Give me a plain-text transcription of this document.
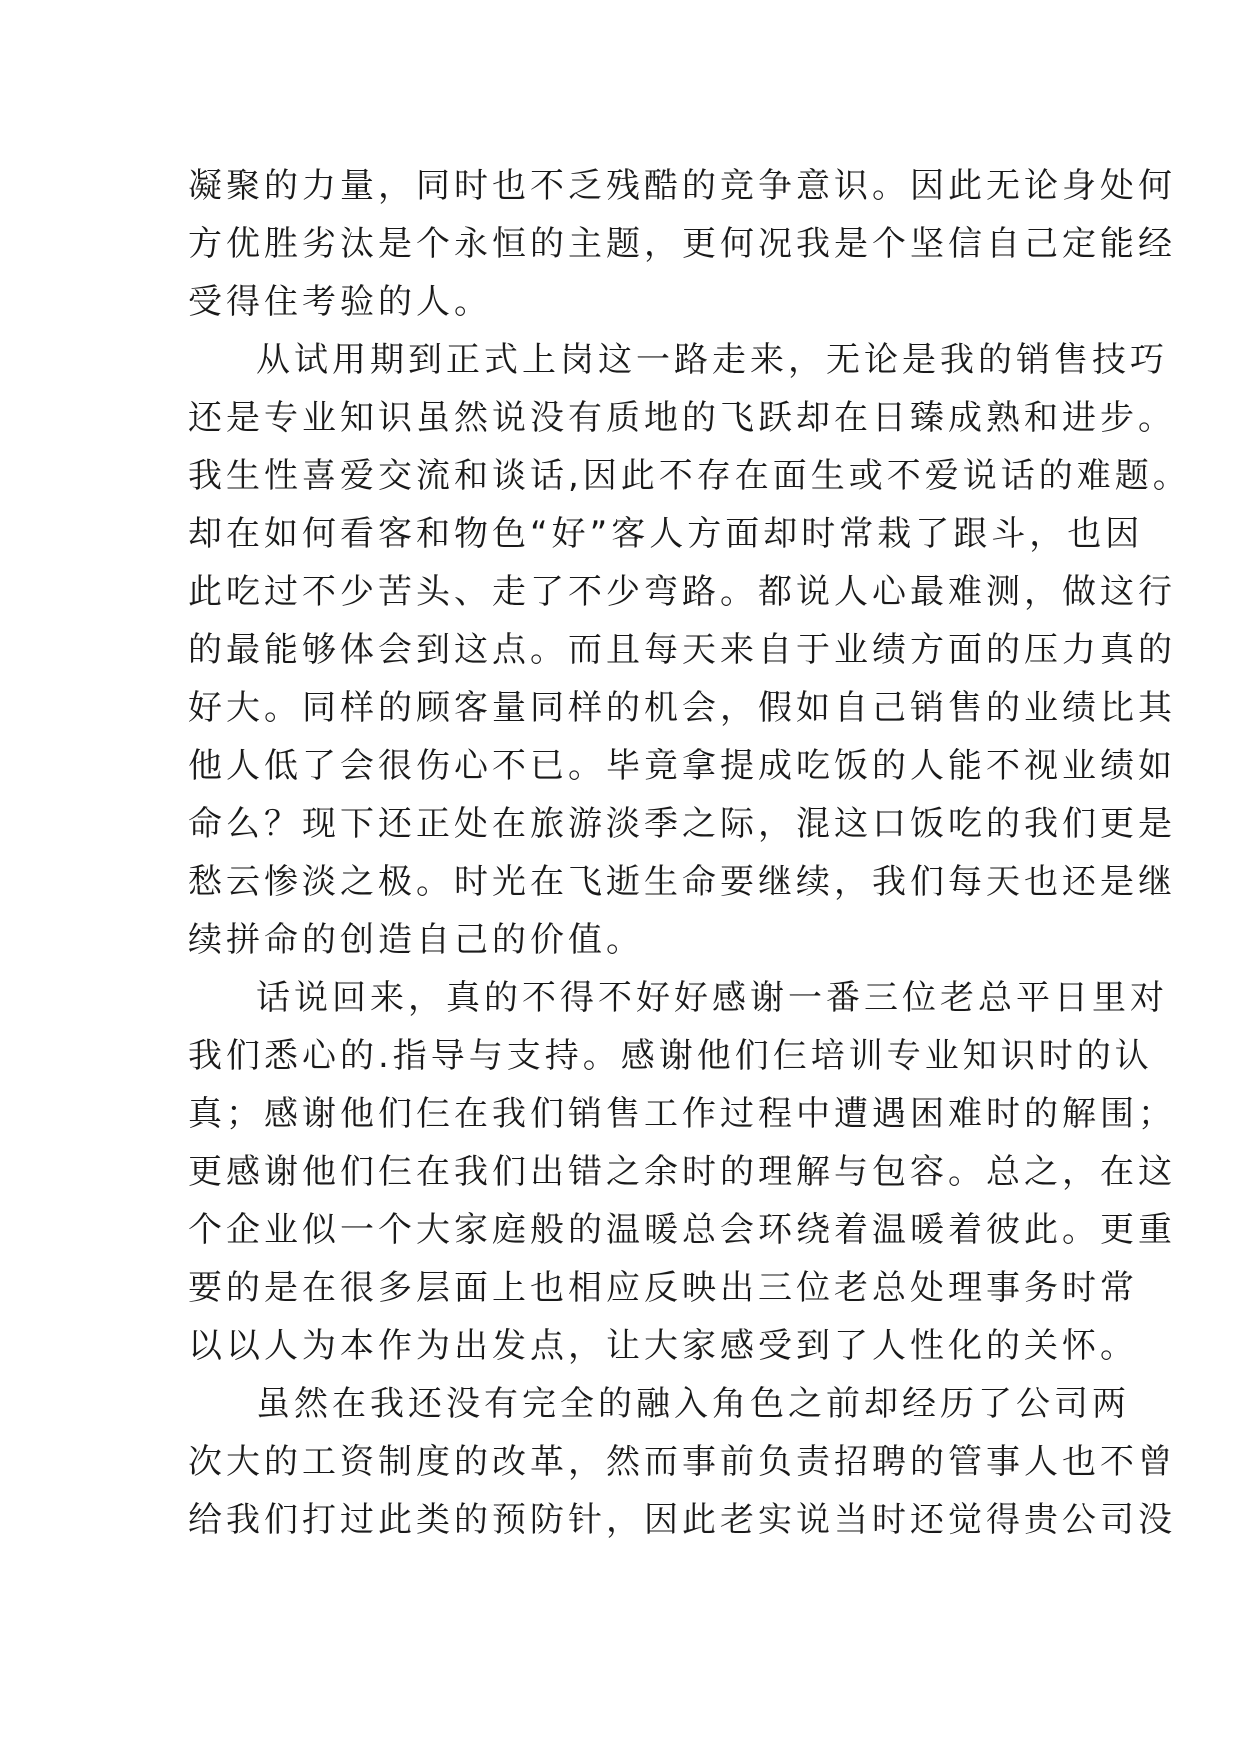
凝聚的力量，同时也不乏残酷的竞争意识。因此无论身处何
方优胜劣汰是个永恒的主题，更何况我是个坚信自己定能经
受得住考验的人。
从试用期到正式上岗这一路走来，无论是我的销售技巧
还是专业知识虽然说没有质地的飞跃却在日臻成熟和进步。
我生性喜爱交流和谈话,因此不存在面生或不爱说话的难题。
却在如何看客和物色“好”客人方面却时常栽了跟斗，也因
此吃过不少苦头、走了不少弯路。都说人心最难测，做这行
的最能够体会到这点。而且每天来自于业绩方面的压力真的
好大。同样的顾客量同样的机会，假如自己销售的业绩比其
他人低了会很伤心不已。毕竟拿提成吃饭的人能不视业绩如
命么？现下还正处在旅游淡季之际，混这口饭吃的我们更是
愁云惨淡之极。时光在飞逝生命要继续，我们每天也还是继
续拼命的创造自己的价值。
话说回来，真的不得不好好感谢一番三位老总平日里对
我们悉心的.指导与支持。感谢他们仨培训专业知识时的认
真；感谢他们仨在我们销售工作过程中遭遇困难时的解围；
更感谢他们仨在我们出错之余时的理解与包容。总之，在这
个企业似一个大家庭般的温暖总会环绕着温暖着彼此。更重
要的是在很多层面上也相应反映出三位老总处理事务时常
以以人为本作为出发点，让大家感受到了人性化的关怀。
虽然在我还没有完全的融入角色之前却经历了公司两
次大的工资制度的改革，然而事前负责招聘的管事人也不曾
给我们打过此类的预防针，因此老实说当时还觉得贵公司没
